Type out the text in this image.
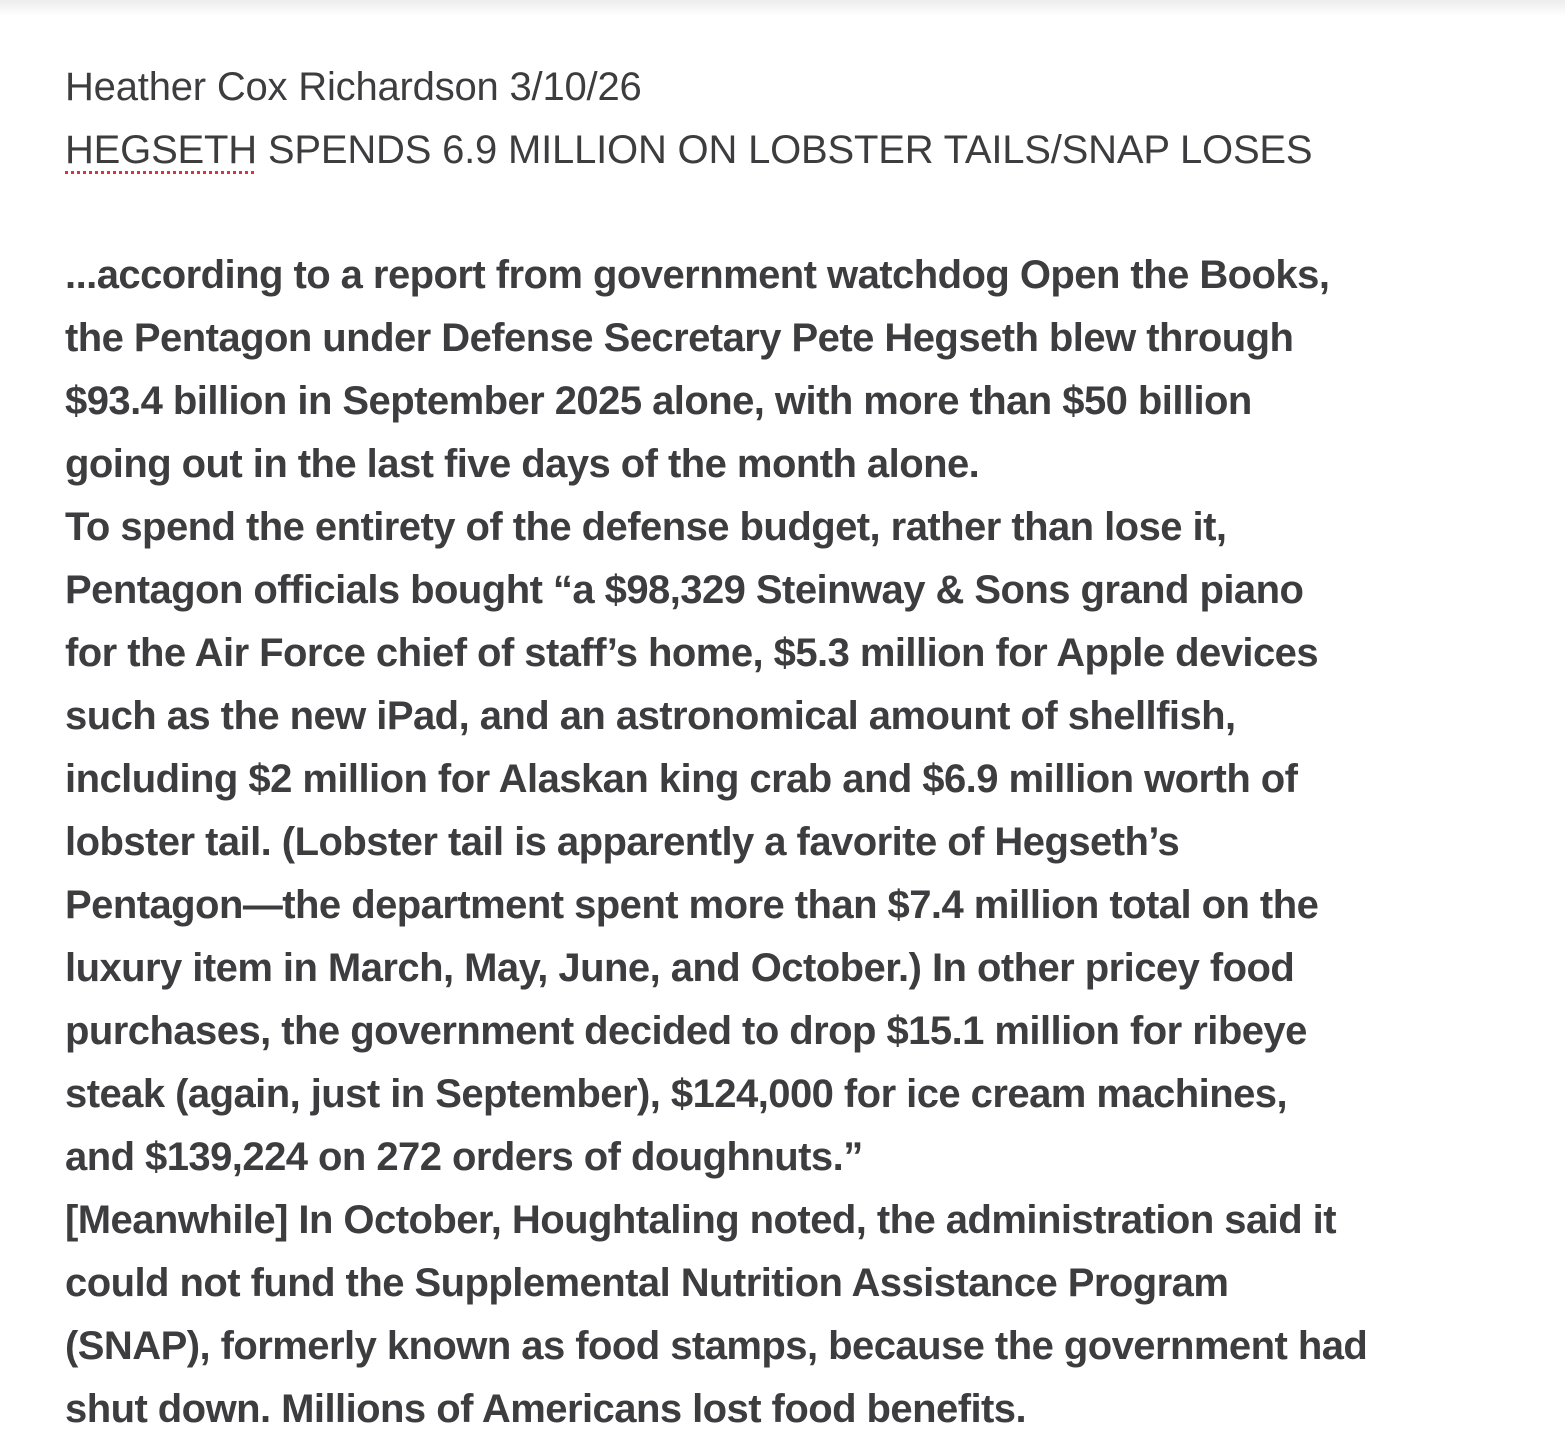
Heather Cox Richardson 3/10/26
HEGSETH SPENDS 6.9 MILLION ON LOBSTER TAILS/SNAP LOSES
...according to a report from government watchdog Open the Books,
the Pentagon under Defense Secretary Pete Hegseth blew through
$93.4 billion in September 2025 alone, with more than $50 billion
going out in the last five days of the month alone.
To spend the entirety of the defense budget, rather than lose it,
Pentagon officials bought “a $98,329 Steinway & Sons grand piano
for the Air Force chief of staff’s home, $5.3 million for Apple devices
such as the new iPad, and an astronomical amount of shellfish,
including $2 million for Alaskan king crab and $6.9 million worth of
lobster tail. (Lobster tail is apparently a favorite of Hegseth’s
Pentagon—the department spent more than $7.4 million total on the
luxury item in March, May, June, and October.) In other pricey food
purchases, the government decided to drop $15.1 million for ribeye
steak (again, just in September), $124,000 for ice cream machines,
and $139,224 on 272 orders of doughnuts.”
[Meanwhile] In October, Houghtaling noted, the administration said it
could not fund the Supplemental Nutrition Assistance Program
(SNAP), formerly known as food stamps, because the government had
shut down. Millions of Americans lost food benefits.
